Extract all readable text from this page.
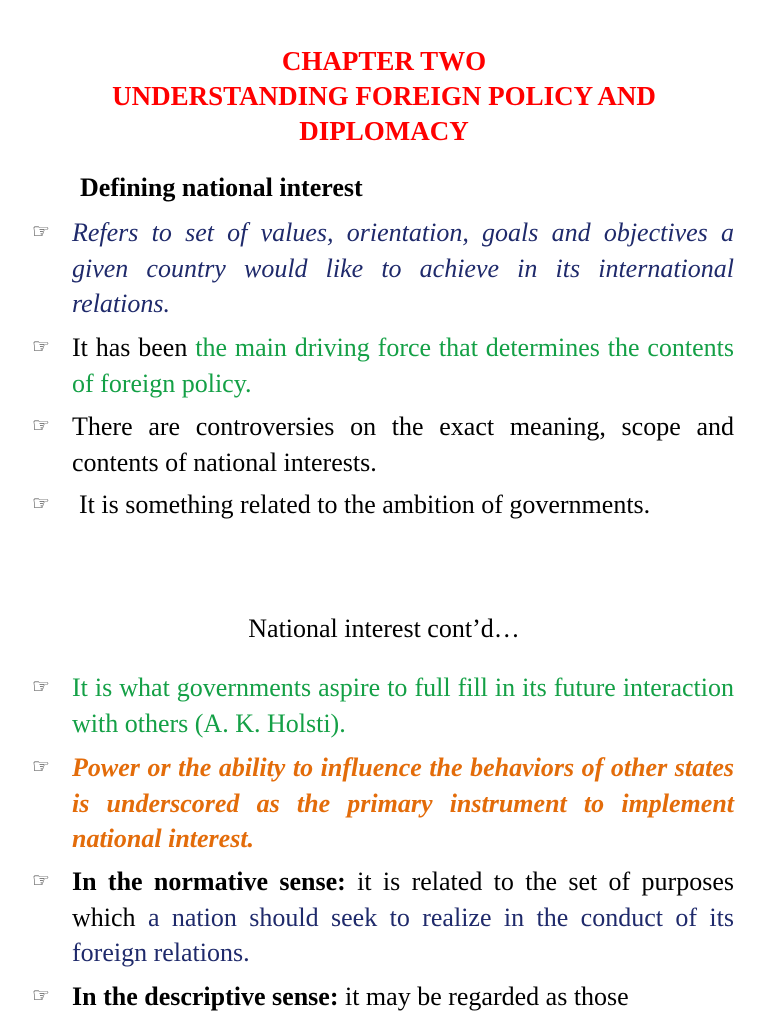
CHAPTER TWO
UNDERSTANDING FOREIGN POLICY AND
DIPLOMACY
Defining national interest
☞ Refers to set of values, orientation, goals and objectives a given country would like to achieve in its international relations.
☞ It has been the main driving force that determines the contents of foreign policy.
☞ There are controversies on the exact meaning, scope and contents of national interests.
☞	It is something related to the ambition of governments.
National interest cont’d…
☞ It is what governments aspire to full fill in its future interaction with others (A. K. Holsti).
☞ Power or the ability to influence the behaviors of other states is underscored as the primary instrument to implement national interest.
☞ In the normative sense: it is related to the set of purposes which a nation should seek to realize in the conduct of its foreign relations.
☞ In the descriptive sense: it may be regarded as those
